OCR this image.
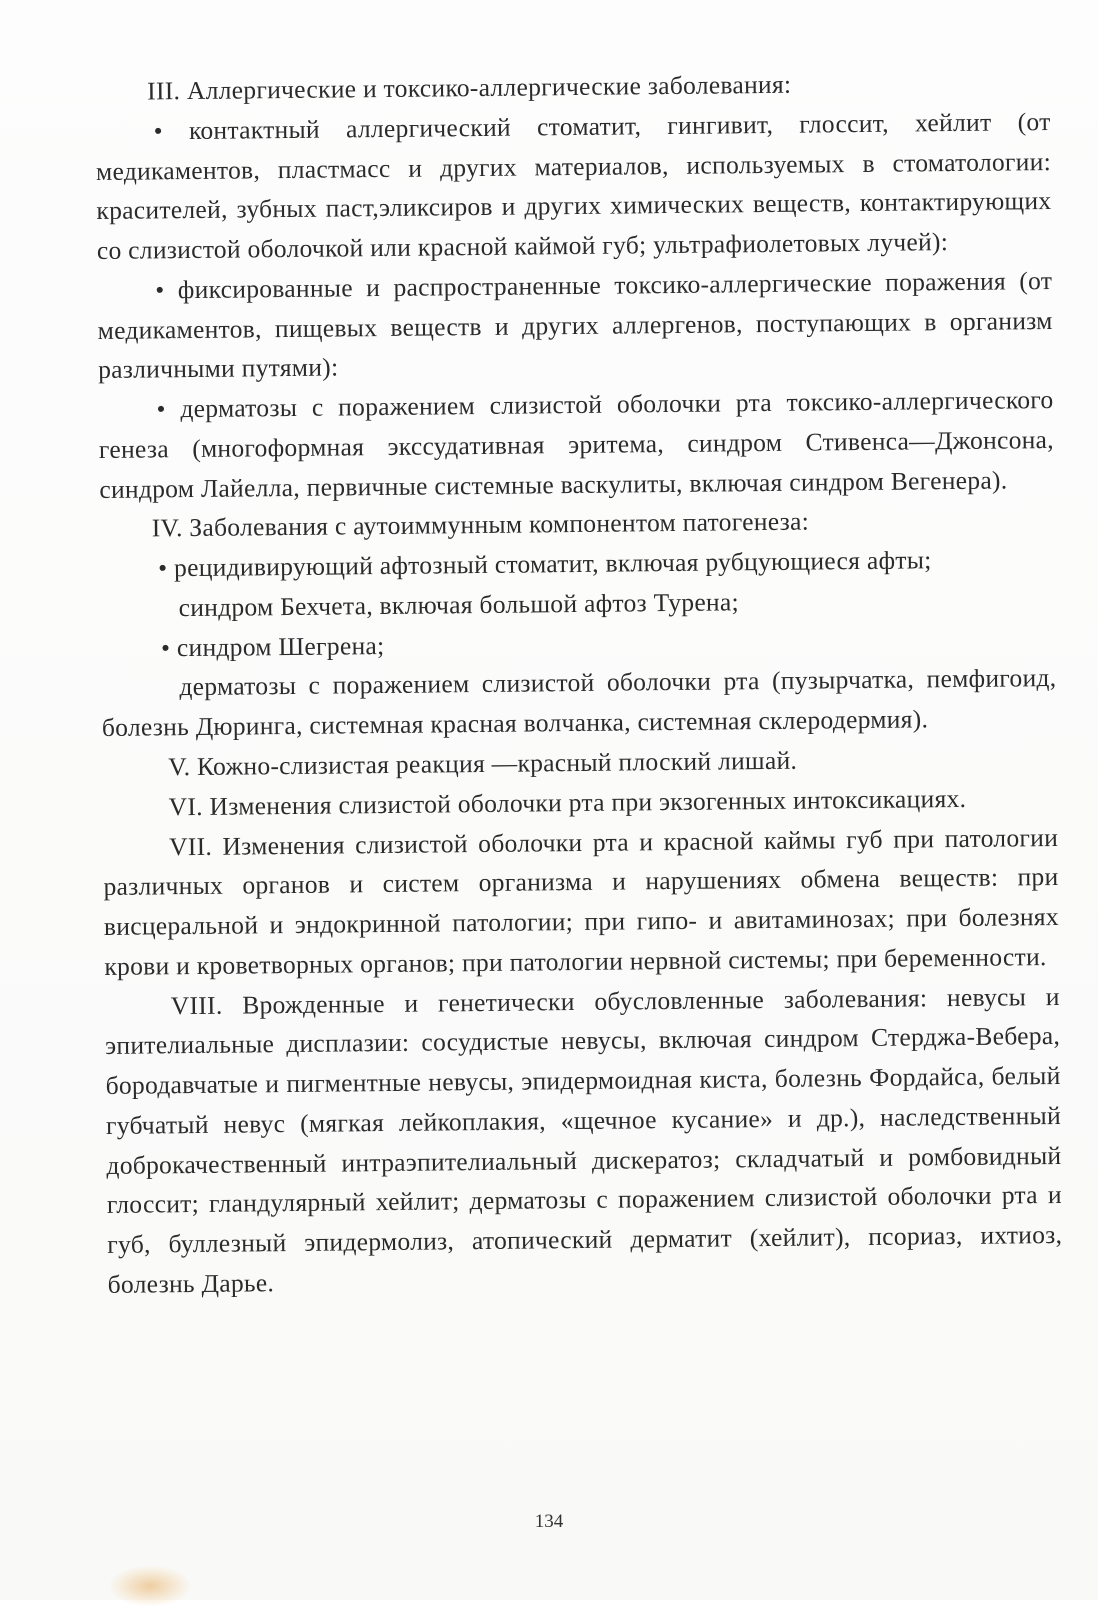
III. Аллергические и токсико-аллергические заболевания:

• контактный аллергический стоматит, гингивит, глоссит, хейлит (от медикаментов, пластмасс и других материалов, используемых в стоматологии: красителей, зубных паст,эликсиров и других химических веществ, контактирующих со слизистой оболочкой или красной каймой губ; ультрафиолетовых лучей):

• фиксированные и распространенные токсико-аллергические поражения (от медикаментов, пищевых веществ и других аллергенов, поступающих в организм различными путями):

• дерматозы с поражением слизистой оболочки рта токсико-аллергического генеза (многоформная экссудативная эритема, синдром Стивенса—Джонсона, синдром Лайелла, первичные системные васкулиты, включая синдром Вегенера).

IV. Заболевания с аутоиммунным компонентом патогенеза:

• рецидивирующий афтозный стоматит, включая рубцующиеся афты;

синдром Бехчета, включая большой афтоз Турена;

• синдром Шегрена;

дерматозы с поражением слизистой оболочки рта (пузырчатка, пемфигоид, болезнь Дюринга, системная красная волчанка, системная склеродермия).

V. Кожно-слизистая реакция —красный плоский лишай.

VI. Изменения слизистой оболочки рта при экзогенных интоксикациях.

VII. Изменения слизистой оболочки рта и красной каймы губ при патологии различных органов и систем организма и нарушениях обмена веществ: при висцеральной и эндокринной патологии; при гипо- и авитаминозах; при болезнях крови и кроветворных органов; при патологии нервной системы; при беременности.

VIII. Врожденные и генетически обусловленные заболевания: невусы и эпителиальные дисплазии: сосудистые невусы, включая синдром Стерджа-Вебера, бородавчатые и пигментные невусы, эпидермоидная киста, болезнь Фордайса, белый губчатый невус (мягкая лейкоплакия, «щечное кусание» и др.), наследственный доброкачественный интраэпителиальный дискератоз; складчатый и ромбовидный глоссит; гландулярный хейлит; дерматозы с поражением слизистой оболочки рта и губ, буллезный эпидермолиз, атопический дерматит (хейлит), псориаз, ихтиоз, болезнь Дарье.

134
